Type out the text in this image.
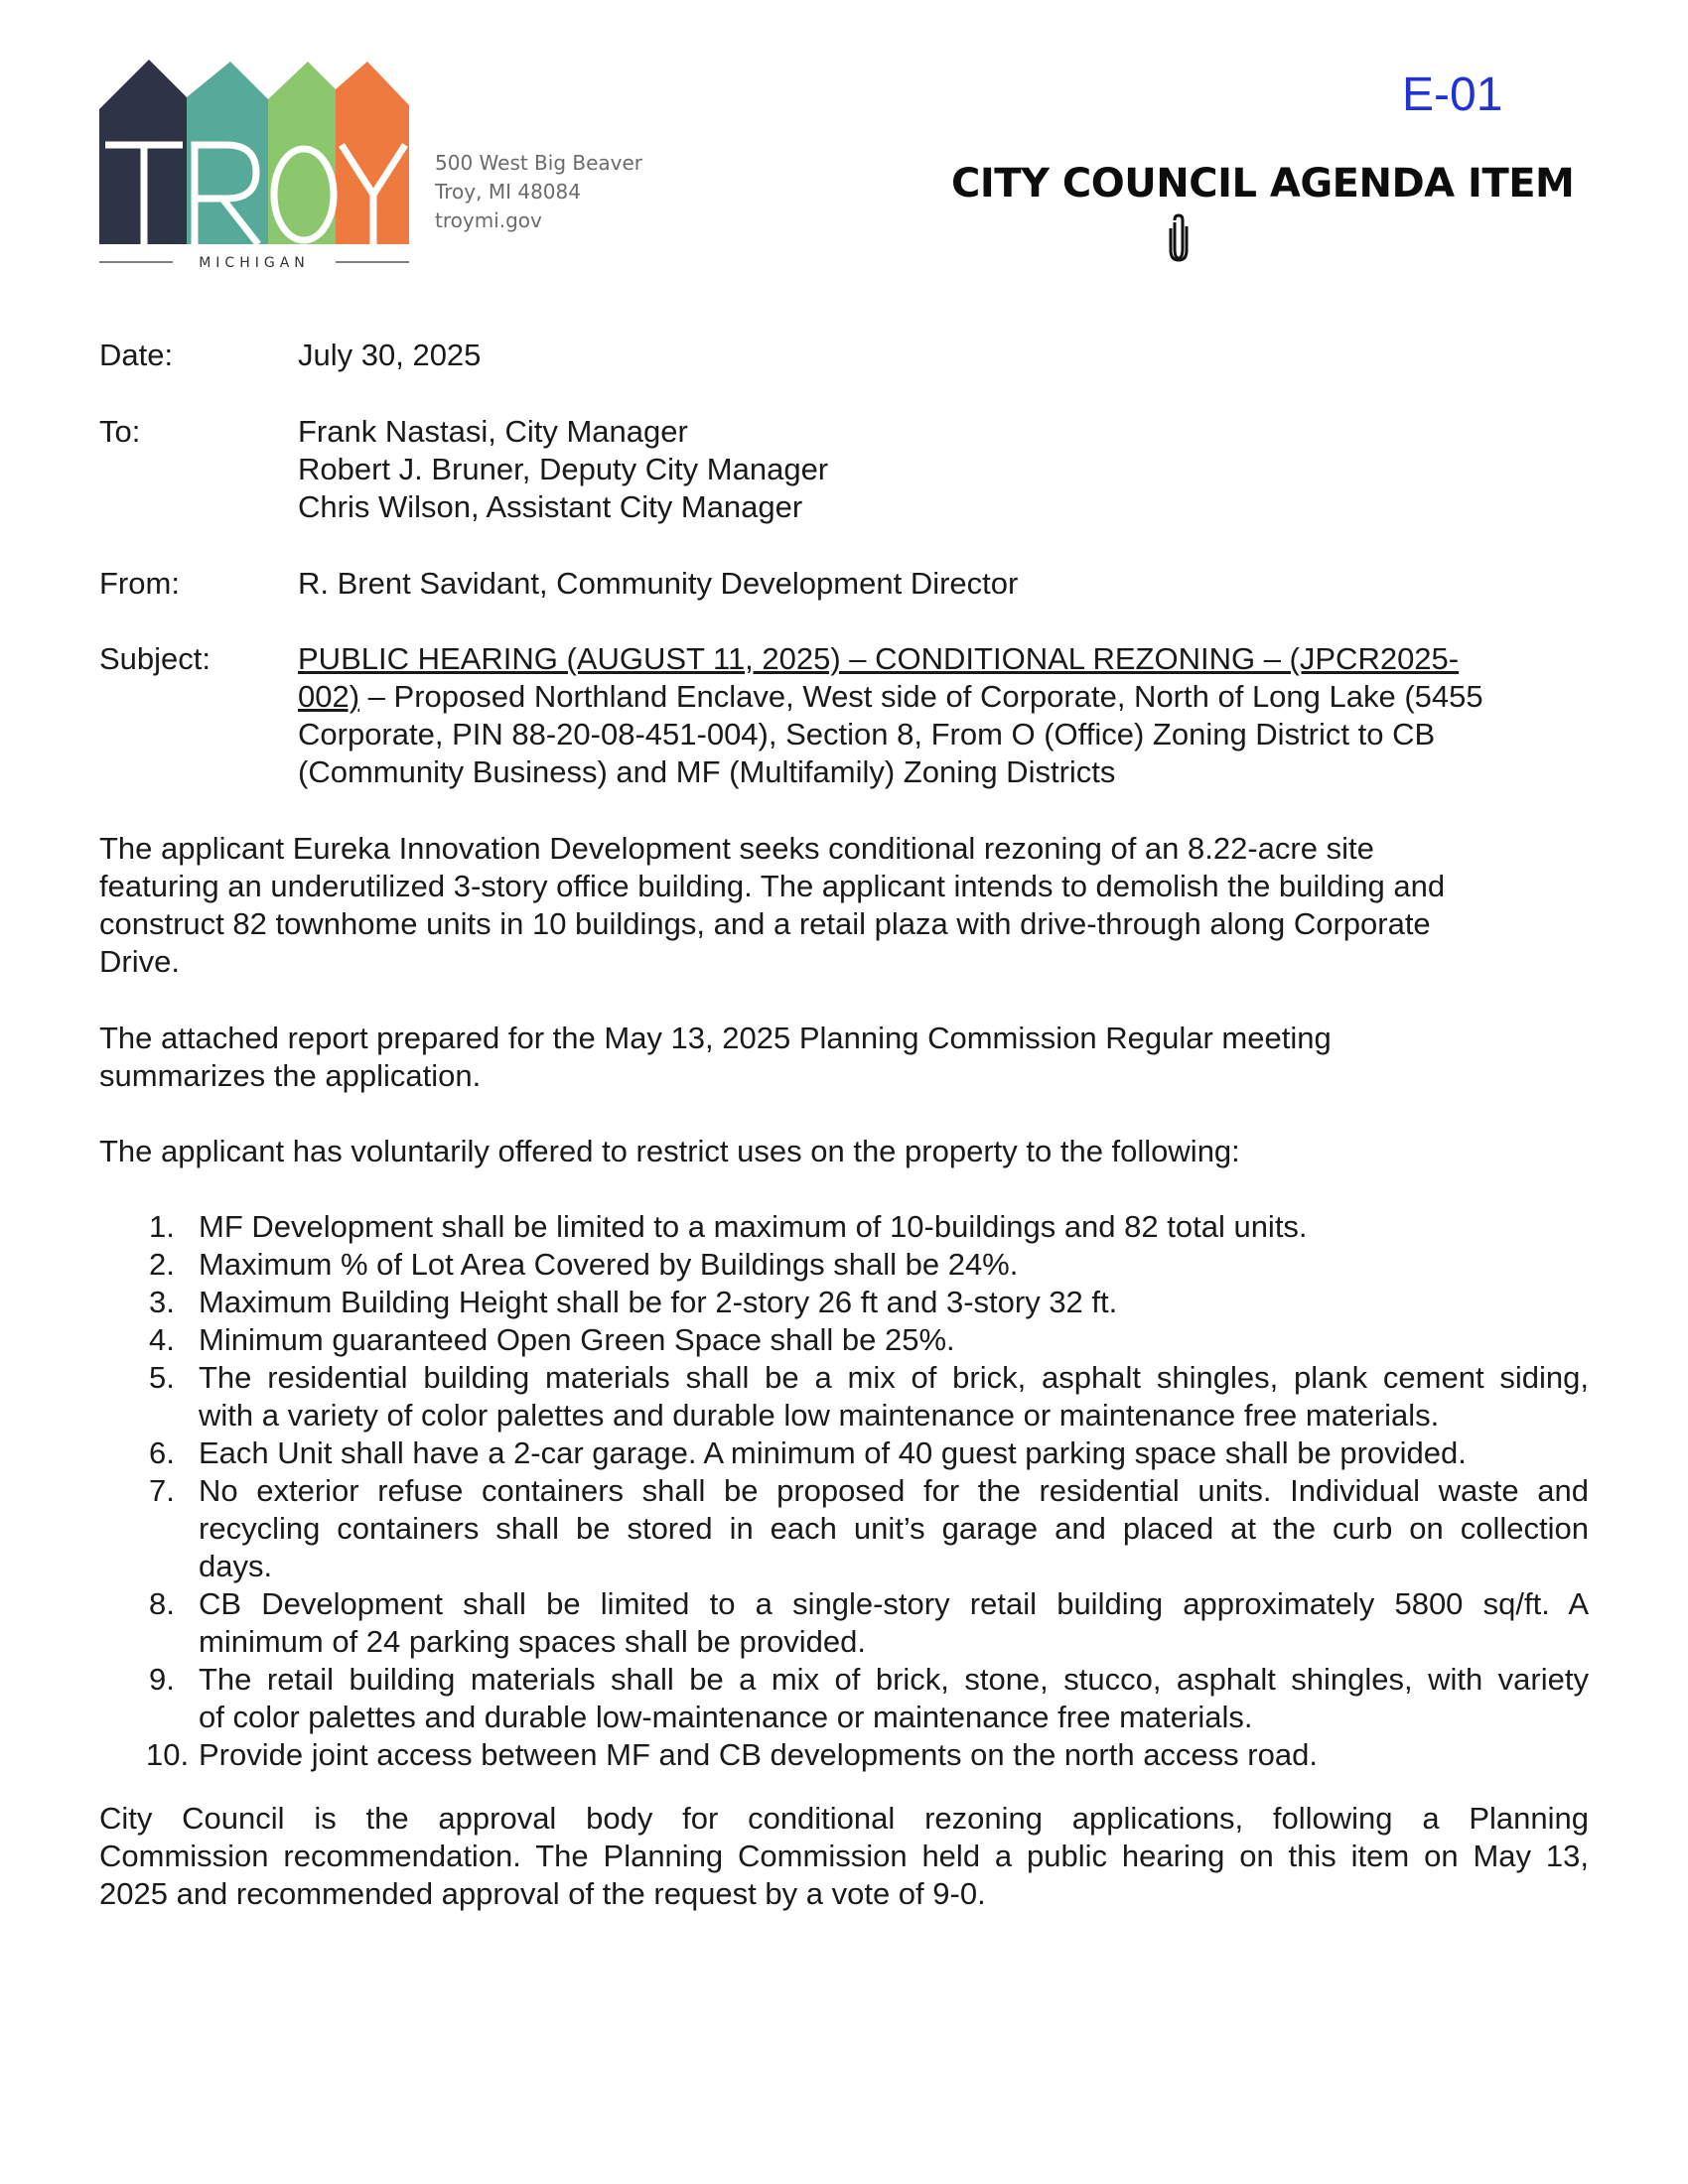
MICHIGAN
500 West Big Beaver
Troy, MI 48084
troymi.gov
E-01
CITY COUNCIL AGENDA ITEM
Date:	July 30, 2025
To:	Frank Nastasi, City Manager
Robert J. Bruner, Deputy City Manager
Chris Wilson, Assistant City Manager
From:	R. Brent Savidant, Community Development Director
Subject:	PUBLIC HEARING (AUGUST 11, 2025) – CONDITIONAL REZONING – (JPCR2025-
002) – Proposed Northland Enclave, West side of Corporate, North of Long Lake (5455
Corporate, PIN 88-20-08-451-004), Section 8, From O (Office) Zoning District to CB
(Community Business) and MF (Multifamily) Zoning Districts
The applicant Eureka Innovation Development seeks conditional rezoning of an 8.22-acre site
featuring an underutilized 3-story office building. The applicant intends to demolish the building and
construct 82 townhome units in 10 buildings, and a retail plaza with drive-through along Corporate
Drive.
The attached report prepared for the May 13, 2025 Planning Commission Regular meeting
summarizes the application.
The applicant has voluntarily offered to restrict uses on the property to the following:
1. MF Development shall be limited to a maximum of 10-buildings and 82 total units.
2. Maximum % of Lot Area Covered by Buildings shall be 24%.
3. Maximum Building Height shall be for 2-story 26 ft and 3-story 32 ft.
4. Minimum guaranteed Open Green Space shall be 25%.
5. The residential building materials shall be a mix of brick, asphalt shingles, plank cement siding,
with a variety of color palettes and durable low maintenance or maintenance free materials.
6. Each Unit shall have a 2-car garage. A minimum of 40 guest parking space shall be provided.
7. No exterior refuse containers shall be proposed for the residential units. Individual waste and
recycling containers shall be stored in each unit’s garage and placed at the curb on collection
days.
8. CB Development shall be limited to a single-story retail building approximately 5800 sq/ft. A
minimum of 24 parking spaces shall be provided.
9. The retail building materials shall be a mix of brick, stone, stucco, asphalt shingles, with variety
of color palettes and durable low-maintenance or maintenance free materials.
10. Provide joint access between MF and CB developments on the north access road.
City Council is the approval body for conditional rezoning applications, following a Planning
Commission recommendation. The Planning Commission held a public hearing on this item on May 13,
2025 and recommended approval of the request by a vote of 9-0.
